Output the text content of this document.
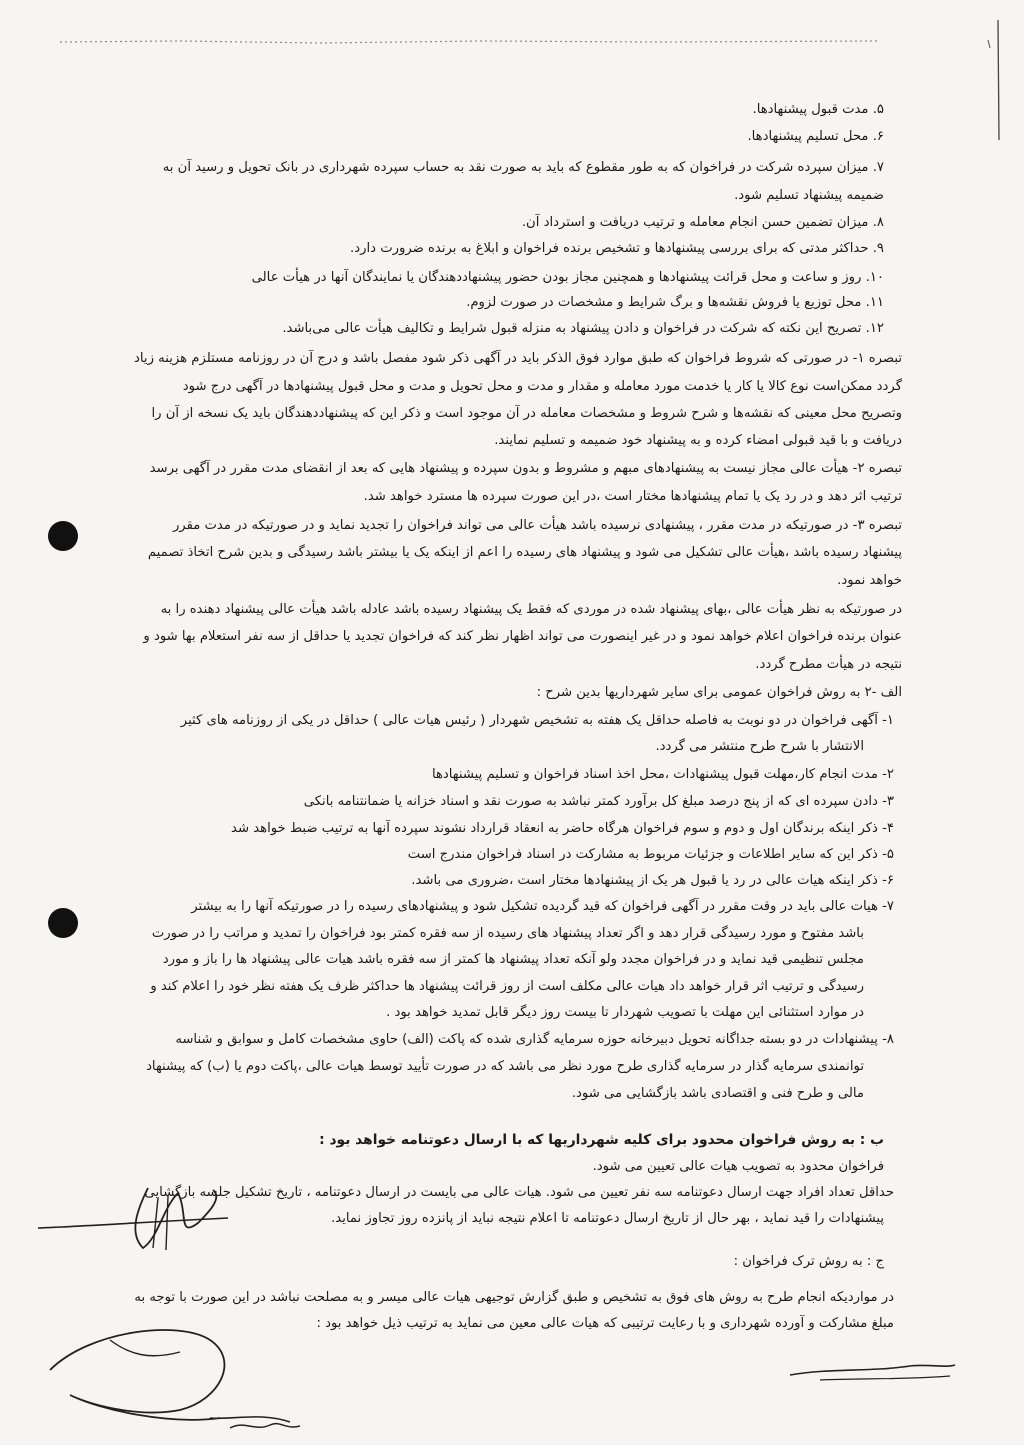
۵. مدت قبول پیشنهادها.
۶. محل تسلیم پیشنهادها.
۷. میزان سپرده شرکت در فراخوان که به طور مقطوع که باید به صورت نقد به حساب سپرده شهرداری در بانک تحویل و رسید آن به
ضمیمه پیشنهاد تسلیم شود.
۸. میزان تضمین حسن انجام معامله و ترتیب دریافت و استرداد آن.
۹. حداکثر مدتی که برای بررسی پیشنهادها و تشخیص برنده فراخوان و ابلاغ به برنده ضرورت دارد.
۱۰. روز و ساعت و محل قرائت پیشنهادها و همچنین مجاز بودن حضور پیشنهاددهندگان یا نمایندگان آنها در هیأت عالی
۱۱. محل توزیع یا فروش نقشه‌ها و برگ شرایط و مشخصات در صورت لزوم.
۱۲. تصریح این نکته که شرکت در فراخوان و دادن پیشنهاد به منزله قبول شرایط و تکالیف هیأت عالی می‌باشد.
تبصره ۱- در صورتی که شروط فراخوان که طبق موارد فوق الذکر باید در آگهی ذکر شود مفصل باشد و درج آن در روزنامه مستلزم هزینه زیاد
گردد ممکن‌است نوع کالا یا کار یا خدمت مورد معامله و مقدار و مدت و محل تحویل و مدت و محل قبول پیشنهادها در آگهی درج شود
وتصریح محل معینی که نقشه‌ها و شرح شروط و مشخصات معامله در آن موجود است و ذکر این که پیشنهاددهندگان باید یک نسخه از آن را
دریافت و با قید قبولی امضاء کرده و به پیشنهاد خود ضمیمه و تسلیم نمایند.
تبصره ۲- هیأت عالی مجاز نیست به پیشنهادهای مبهم و مشروط و بدون سپرده و پیشنهاد هایی که بعد از انقضای مدت مقرر در آگهی برسد
ترتیب اثر دهد و در رد یک یا تمام پیشنهادها مختار است ،در این صورت سپرده ها مسترد خواهد شد.
تبصره ۳- در صورتیکه در مدت مقرر ، پیشنهادی نرسیده باشد هیأت عالی می تواند فراخوان را تجدید نماید و در صورتیکه در مدت مقرر
پیشنهاد رسیده باشد ،هیأت عالی تشکیل می شود و پیشنهاد های رسیده را اعم از اینکه یک یا بیشتر باشد رسیدگی و بدین شرح اتخاذ تصمیم
خواهد نمود.
در صورتیکه به نظر هیأت عالی ،بهای پیشنهاد شده در موردی که فقط یک پیشنهاد رسیده باشد عادله باشد هیأت عالی پیشنهاد دهنده را به
عنوان برنده فراخوان اعلام خواهد نمود و در غیر اینصورت می تواند اظهار نظر کند که فراخوان تجدید یا حداقل از سه نفر استعلام بها شود و
نتیجه در هیأت مطرح گردد.
الف -۲ به روش فراخوان عمومی برای سایر شهرداریها بدین شرح :
۱- آگهی فراخوان در دو نوبت به فاصله حداقل یک هفته به تشخیص شهردار ( رئیس هیات عالی ) حداقل در یکی از روزنامه های کثیر
الانتشار با شرح طرح منتشر می گردد.
۲- مدت انجام کار،مهلت قبول پیشنهادات ،محل اخذ اسناد فراخوان و تسلیم پیشنهادها
۳- دادن سپرده ای که از پنج درصد مبلغ کل برآورد کمتر نباشد به صورت نقد و اسناد خزانه یا ضمانتنامه بانکی
۴- ذکر اینکه برندگان اول و دوم و سوم فراخوان هرگاه حاضر به انعقاد قرارداد نشوند سپرده آنها به ترتیب ضبط خواهد شد
۵- ذکر این که سایر اطلاعات و جزئیات مربوط به مشارکت در اسناد فراخوان مندرج است
۶- ذکر اینکه هیات عالی در رد یا قبول هر یک از پیشنهادها مختار است ،ضروری می باشد.
۷- هیات عالی باید در وقت مقرر در آگهی فراخوان که قید گردیده تشکیل شود و پیشنهادهای رسیده را در صورتیکه آنها را به بیشتر
باشد مفتوح و مورد رسیدگی قرار دهد و اگر تعداد پیشنهاد های رسیده از سه فقره کمتر بود فراخوان را تمدید و مراتب را در صورت
مجلس تنظیمی قید نماید و در فراخوان مجدد ولو آنکه تعداد پیشنهاد ها کمتر از سه فقره باشد هیات عالی پیشنهاد ها را باز و مورد
رسیدگی و ترتیب اثر قرار خواهد داد هیات عالی مکلف است از روز قرائت پیشنهاد ها حداکثر ظرف یک هفته نظر خود را اعلام کند و
در موارد استثنائی این مهلت با تصویب شهردار تا بیست روز دیگر قابل تمدید خواهد بود .
۸- پیشنهادات در دو بسته جداگانه تحویل دبیرخانه حوزه سرمایه گذاری شده که پاکت (الف) حاوی مشخصات کامل و سوابق و شناسه
توانمندی سرمایه گذار در سرمایه گذاری طرح مورد نظر می باشد که در صورت تأیید توسط هیات عالی ،پاکت دوم یا (ب) که پیشنهاد
مالی و طرح فنی و اقتصادی باشد بازگشایی می شود.
ب : به روش فراخوان محدود برای کلیه شهرداریها که با ارسال دعوتنامه خواهد بود :
فراخوان محدود به تصویب هیات عالی تعیین می شود.
حداقل تعداد افراد جهت ارسال دعوتنامه سه نفر تعیین می شود. هیات عالی می بایست در ارسال دعوتنامه ، تاریخ تشکیل جلسه بازگشایی
پیشنهادات را قید نماید ، بهر حال از تاریخ ارسال دعوتنامه تا اعلام نتیجه نباید از پانزده روز تجاوز نماید.
ج : به روش ترک فراخوان :
در مواردیکه انجام طرح به روش های فوق به تشخیص و طبق گزارش توجیهی هیات عالی میسر و به مصلحت نباشد در این صورت با توجه به
مبلغ مشارکت و آورده شهرداری و با رعایت ترتیبی که هیات عالی معین می نماید به ترتیب ذیل خواهد بود :
